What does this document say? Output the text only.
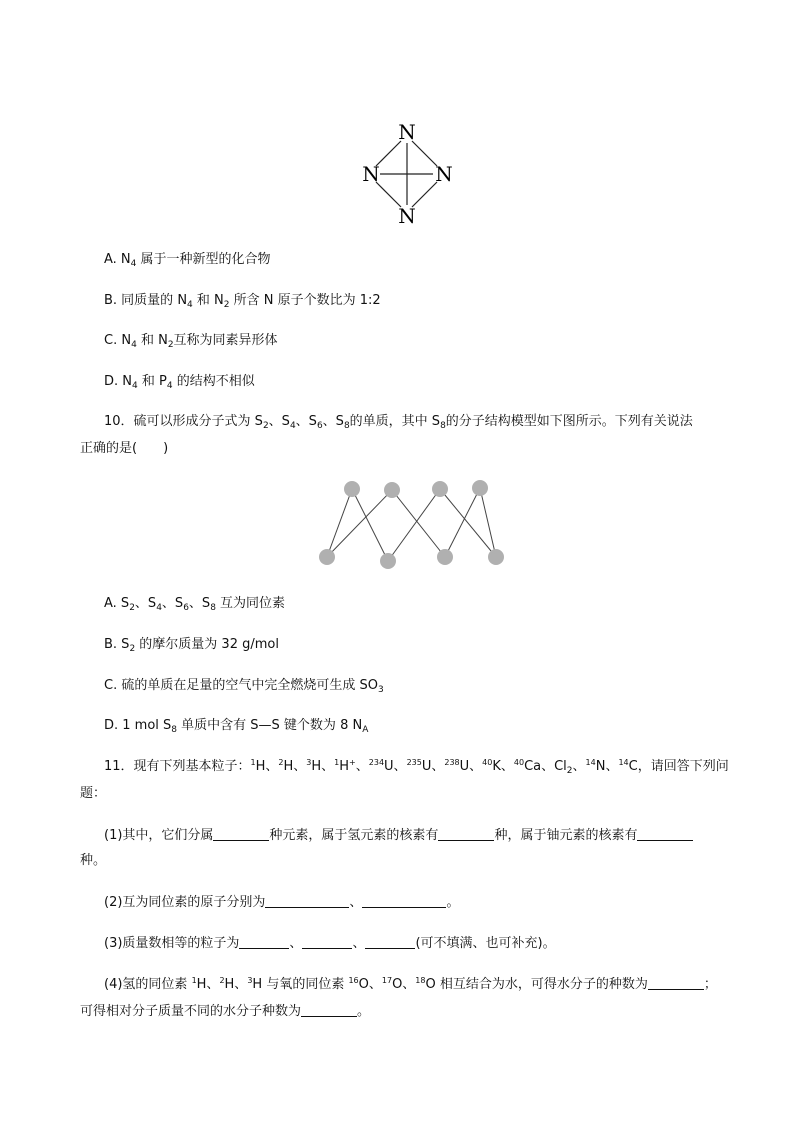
N
N	N
N
A. $N_4$ 属于一种新型的化合物
B. 同质量的 $N_4$ 和 $N_2$ 所含 N 原子个数比为 1:2
C. $N_4$ 和 $N_2$互称为同素异形体
D. $N_4$ 和 $P_4$ 的结构不相似
10．硫可以形成分子式为 $S_2$、$S_4$、$S_6$、$S_8$的单质，其中 $S_8$的分子结构模型如下图所示。下列有关说法
正确的是(　　)
A. $S_2$、$S_4$、$S_6$、$S_8$ 互为同位素
B. $S_2$ 的摩尔质量为 32 g/mol
C. 硫的单质在足量的空气中完全燃烧可生成 $SO_3$
D. 1 mol $S_8$ 单质中含有 S—S 键个数为 8 $N_A$
11．现有下列基本粒子：$^1$H、$^2$H、$^3$H、$^1$H+、$^{234}$U、$^{235}$U、$^{238}$U、$^{40}$K、$^{40}$Ca、$Cl_2$、$^{14}$N、$^{14}$C，请回答下列问
题：
(1)其中，它们分属	种元素，属于氢元素的核素有	种，属于铀元素的核素有
种。
(2)互为同位素的原子分别为	、	。
(3)质量数相等的粒子为	、	、	(可不填满、也可补充)。
(4)氢的同位素 $^1$H、$^2$H、$^3$H 与氧的同位素 $^{16}$O、$^{17}$O、$^{18}$O 相互结合为水，可得水分子的种数为	；
可得相对分子质量不同的水分子种数为	。
